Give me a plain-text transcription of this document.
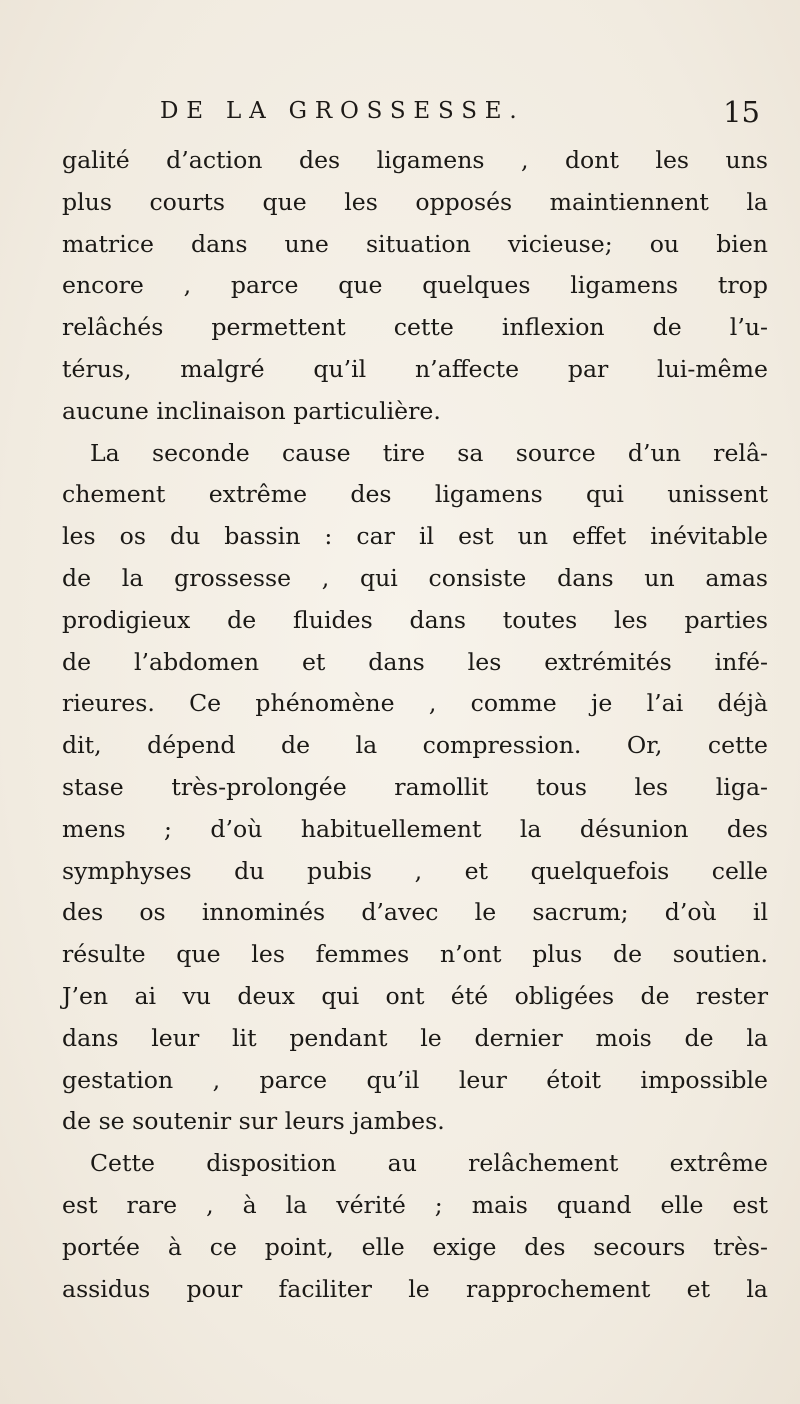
DE LA GROSSESSE.	15
galité d’action des ligamens , dont les uns
plus courts que les opposés maintiennent la
matrice dans une situation vicieuse; ou bien
encore , parce que quelques ligamens trop
relâchés permettent cette inflexion de l’u-
térus, malgré qu’il n’affecte par lui-même
aucune inclinaison particulière.
La seconde cause tire sa source d’un relâ-
chement extrême des ligamens qui unissent
les os du bassin : car il est un effet inévitable
de la grossesse , qui consiste dans un amas
prodigieux de fluides dans toutes les parties
de l’abdomen et dans les extrémités infé-
rieures. Ce phénomène , comme je l’ai déjà
dit, dépend de la compression. Or, cette
stase très-prolongée ramollit tous les liga-
mens ; d’où habituellement la désunion des
symphyses du pubis , et quelquefois celle
des os innominés d’avec le sacrum; d’où il
résulte que les femmes n’ont plus de soutien.
J’en ai vu deux qui ont été obligées de rester
dans leur lit pendant le dernier mois de la
gestation , parce qu’il leur étoit impossible
de se soutenir sur leurs jambes.
Cette disposition au relâchement extrême
est rare , à la vérité ; mais quand elle est
portée à ce point, elle exige des secours très-
assidus pour faciliter le rapprochement et la
